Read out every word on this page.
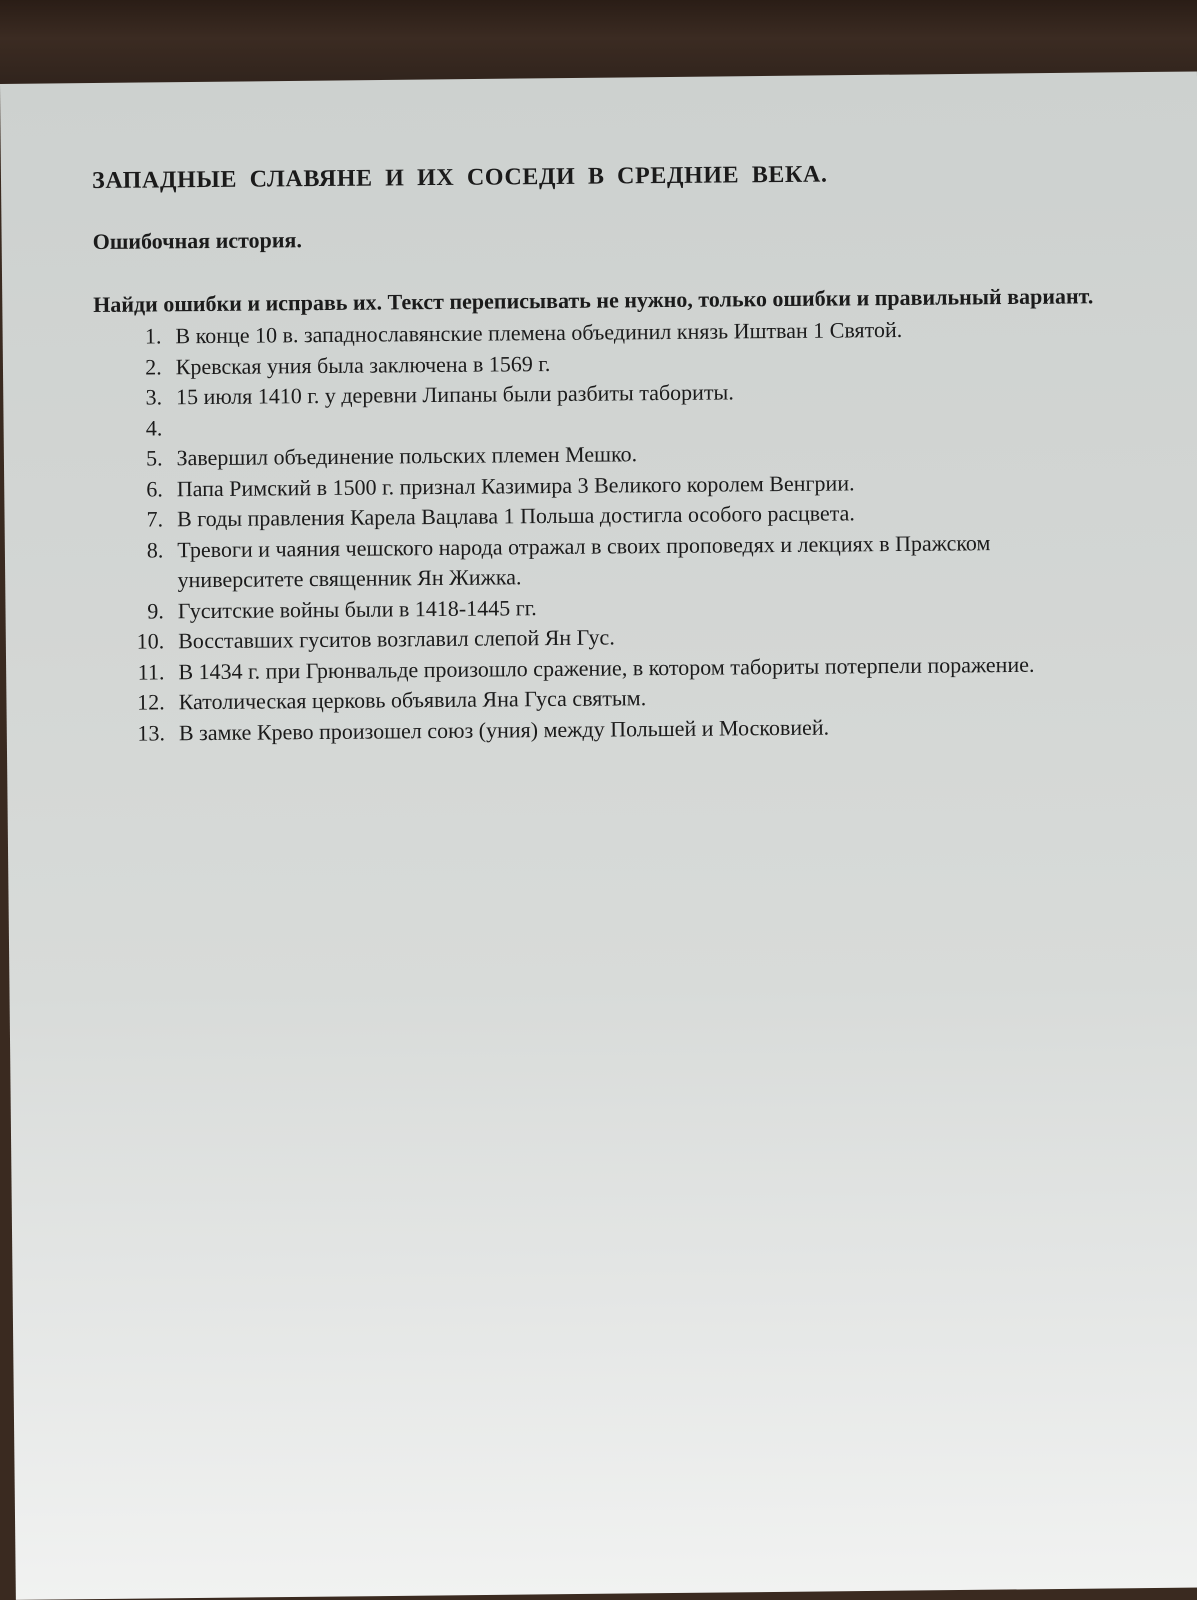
ЗАПАДНЫЕ СЛАВЯНЕ И ИХ СОСЕДИ В СРЕДНИЕ ВЕКА.
Ошибочная история.
Найди ошибки и исправь их. Текст переписывать не нужно, только ошибки и правильный вариант.
1. В конце 10 в. западнославянские племена объединил князь Иштван 1 Святой.
2. Кревская уния была заключена в 1569 г.
3. 15 июля 1410 г. у деревни Липаны были разбиты табориты.
4.
5. Завершил объединение польских племен Мешко.
6. Папа Римский в 1500 г. признал Казимира 3 Великого королем Венгрии.
7. В годы правления Карела Вацлава 1 Польша достигла особого расцвета.
8. Тревоги и чаяния чешского народа отражал в своих проповедях и лекциях в Пражском университете священник Ян Жижка.
9. Гуситские войны были в 1418-1445 гг.
10. Восставших гуситов возглавил слепой Ян Гус.
11. В 1434 г. при Грюнвальде произошло сражение, в котором табориты потерпели поражение.
12. Католическая церковь объявила Яна Гуса святым.
13. В замке Крево произошел союз (уния) между Польшей и Московией.
